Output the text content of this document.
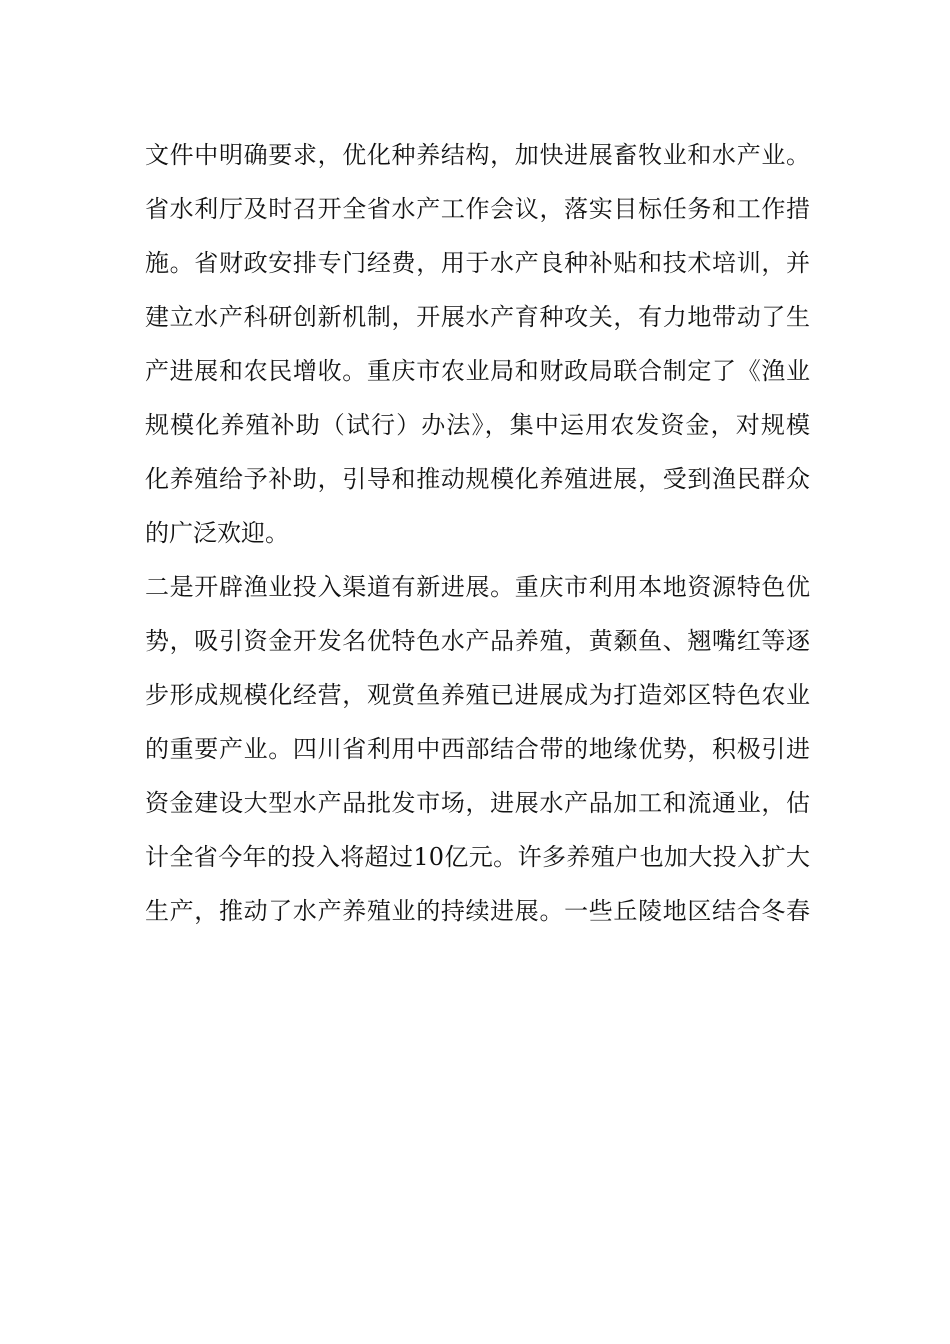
文件中明确要求，优化种养结构，加快进展畜牧业和水产业。
省水利厅及时召开全省水产工作会议，落实目标任务和工作措
施。省财政安排专门经费，用于水产良种补贴和技术培训，并
建立水产科研创新机制，开展水产育种攻关，有力地带动了生
产进展和农民增收。重庆市农业局和财政局联合制定了《渔业
规模化养殖补助（试行）办法》，集中运用农发资金，对规模
化养殖给予补助，引导和推动规模化养殖进展，受到渔民群众
的广泛欢迎。
二是开辟渔业投入渠道有新进展。重庆市利用本地资源特色优
势，吸引资金开发名优特色水产品养殖，黄颡鱼、翘嘴红等逐
步形成规模化经营，观赏鱼养殖已进展成为打造郊区特色农业
的重要产业。四川省利用中西部结合带的地缘优势，积极引进
资金建设大型水产品批发市场，进展水产品加工和流通业，估
计全省今年的投入将超过10亿元。许多养殖户也加大投入扩大
生产，推动了水产养殖业的持续进展。一些丘陵地区结合冬春
